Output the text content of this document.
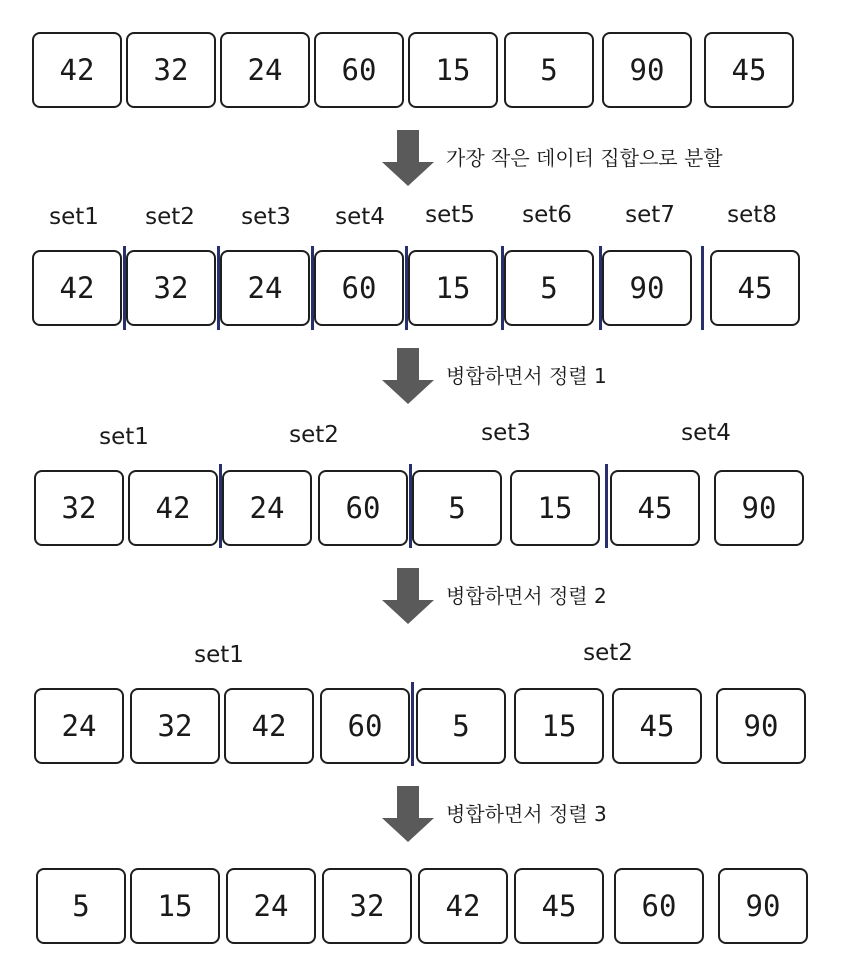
42	32	24	60	15	5	90	45
가장 작은 데이터 집합으로 분할
set1	set2	set3	set4	set5	set6	set7	set8
42	32	24	60	15	5	90	45
병합하면서 정렬 1
set1	set2	set3	set4
32	42	24	60	5	15	45	90
병합하면서 정렬 2
set1	set2
24	32	42	60	5	15	45	90
병합하면서 정렬 3
5	15	24	32	42	45	60	90
